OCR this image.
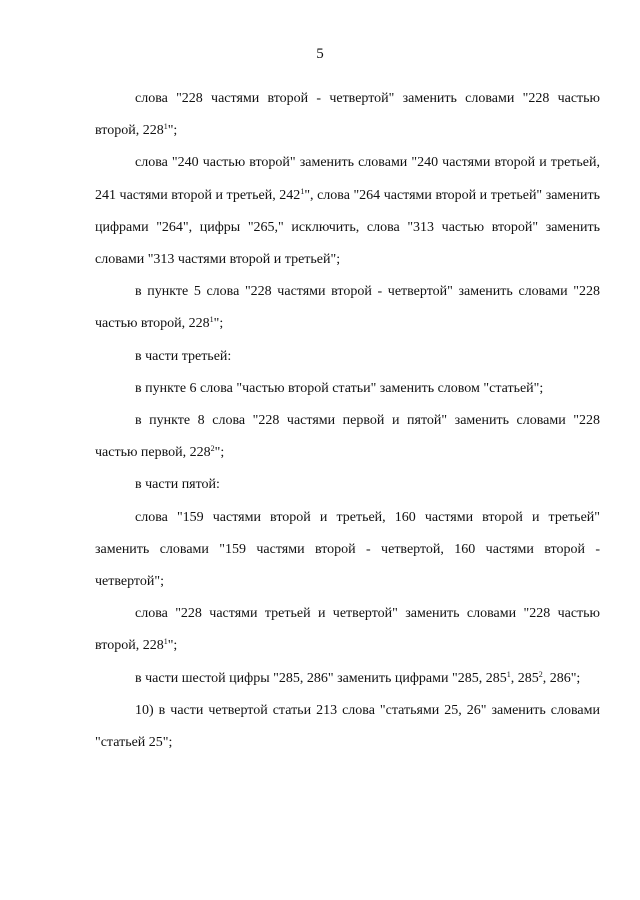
5

слова "228 частями второй - четвертой" заменить словами "228 частью второй, $228^1$";

слова "240 частью второй" заменить словами "240 частями второй и третьей, 241 частями второй и третьей, $242^1$", слова "264 частями второй и третьей" заменить цифрами "264", цифры "265," исключить, слова "313 частью второй" заменить словами "313 частями второй и третьей";

в пункте 5 слова "228 частями второй - четвертой" заменить словами "228 частью второй, $228^1$";

в части третьей:

в пункте 6 слова "частью второй статьи" заменить словом "статьей";

в пункте 8 слова "228 частями первой и пятой" заменить словами "228 частью первой, $228^2$";

в части пятой:

слова "159 частями второй и третьей, 160 частями второй и третьей" заменить словами "159 частями второй - четвертой, 160 частями второй - четвертой";

слова "228 частями третьей и четвертой" заменить словами "228 частью второй, $228^1$";

в части шестой цифры "285, 286" заменить цифрами "285, $285^1$, $285^2$, 286";

10) в части четвертой статьи 213 слова "статьями 25, 26" заменить словами "статьей 25";
